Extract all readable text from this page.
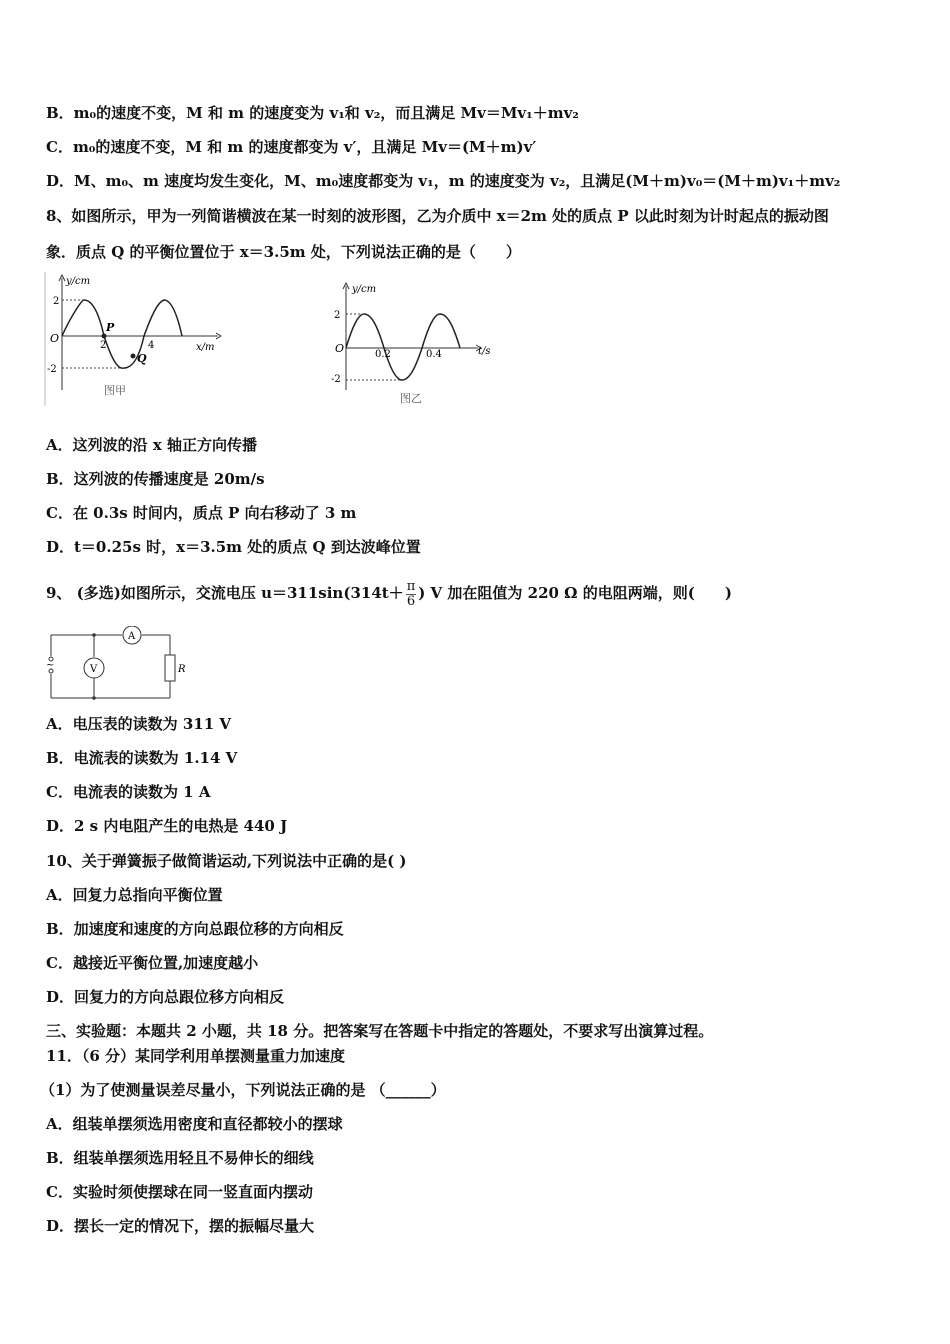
B．m₀的速度不变，M 和 m 的速度变为 v₁和 v₂，而且满足 Mv＝Mv₁＋mv₂
C．m₀的速度不变，M 和 m 的速度都变为 v′，且满足 Mv＝(M＋m)v′
D．M、m₀、m 速度均发生变化，M、m₀速度都变为 v₁，m 的速度变为 v₂，且满足(M＋m)v₀＝(M＋m)v₁＋mv₂
8、如图所示，甲为一列简谐横波在某一时刻的波形图，乙为介质中 x＝2m 处的质点 P 以此时刻为计时起点的振动图
象．质点 Q 的平衡位置位于 x＝3.5m 处，下列说法正确的是（　　）
y/cm
x/m
O
2
-2
2	4
P
Q
图甲
y/cm
t/s
O
2
-2
0.2	0.4
图乙
A．这列波的沿 x 轴正方向传播
B．这列波的传播速度是 20m/s
C．在 0.3s 时间内，质点 P 向右移动了 3 m
D．t＝0.25s 时，x＝3.5m 处的质点 Q 到达波峰位置
9、 (多选)如图所示，交流电压 $u=311\sin(314t+ \frac{\pi}{6}$ ) V 加在阻值为 220 Ω 的电阻两端，则(　　)
~
A
R
V
A．电压表的读数为 311 V
B．电流表的读数为 1.14 V
C．电流表的读数为 1 A
D．2 s 内电阻产生的电热是 440 J
10、关于弹簧振子做简谐运动,下列说法中正确的是( )
A．回复力总指向平衡位置
B．加速度和速度的方向总跟位移的方向相反
C．越接近平衡位置,加速度越小
D．回复力的方向总跟位移方向相反
三、实验题：本题共 2 小题，共 18 分。把答案写在答题卡中指定的答题处，不要求写出演算过程。
11．（6 分）某同学利用单摆测量重力加速度
（1）为了使测量误差尽量小，下列说法正确的是 （______）
A．组装单摆须选用密度和直径都较小的摆球
B．组装单摆须选用轻且不易伸长的细线
C．实验时须使摆球在同一竖直面内摆动
D．摆长一定的情况下，摆的振幅尽量大
